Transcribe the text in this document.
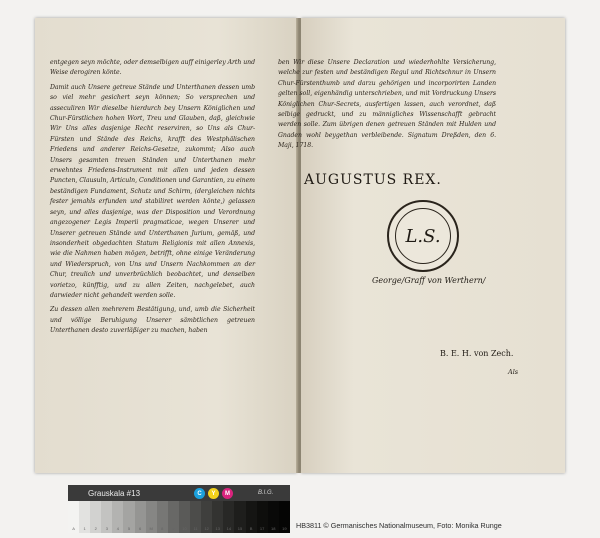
entgegen seyn möchte, oder demselbigen auff einigerley Arth und Weise derogiren könte.

Damit auch Unsere getreue Stände und Unterthanen dessen umb so viel mehr gesichert seyn können; So versprechen und asseculiren Wir dieselbe hierdurch bey Unsern Königlichen und Chur-Fürstlichen hohen Wort, Treu und Glauben, daß, gleichwie Wir Uns alles dasjenige Recht reserviren, so Uns als Chur-Fürsten und Stände des Reichs, krafft des Westphälischen Friedens und anderer Reichs-Gesetze, zukommt; Also auch Unsers gesamten treuen Ständen und Unterthanen mehr erwehntes Friedens-Instrument mit allen und jeden dessen Puncten, Clausuln, Articuln, Conditionen und Garantien, zu einem beständigen Fundament, Schutz und Schirm, (dergleichen nichts fester jemahls erfunden und stabiliret werden könte,) gelassen seyn, und alles dasjenige, was der Disposition und Verordnung angezogener Legis Imperii pragmaticae, wegen Unserer und Unserer getreuen Stände und Unterthanen Jurium, gemäß, und insonderheit obgedachten Statum Religionis mit allen Annexis, wie die Nahmen haben mögen, betrifft, ohne einige Veränderung und Wiederspruch, von Uns und Unsern Nachkommen an der Chur, treulich und unverbrüchlich beobachtet, und denselben vorietzo, künfftig, und zu allen Zeiten, nachgelebet, auch darwieder nicht gehandelt werden solle.

Zu dessen allen mehrerem Bestätigung, und, umb die Sicherheit und völlige Beruhigung Unserer sämbtlichen getreuen Unterthanen desto zuverläßiger zu machen, haben

ben Wir diese Unsere Declaration und wiederhohlte Versicherung, welche zur festen und beständigen Regul und Richtschnur in Unsern Chur-Fürstenthumb und darzu gehörigen und incorporirten Landen gelten soll, eigenhändig unterschrieben, und mit Vordruckung Unsers Königlichen Chur-Secrets, ausfertigen lassen, auch verordnet, daß selbige gedruckt, und zu männigliches Wissenschafft gebracht werden solle. Zum übrigen denen getreuen Ständen mit Hulden und Gnaden wohl beygethan verbleibende. Signatum Dreßden, den 6. Maji, 1718.

AUGUSTUS REX.
L.S.
George/Graff von Werthern/
B. E. H. von Zech.
Als
Grauskala #13	C Y M	B.I.G.
A	1	2	3	4	5	6	M	8	9	10	11	12	13	14	15	B	17	18	19	HB3811 © Germanisches Nationalmuseum, Foto: Monika Runge
